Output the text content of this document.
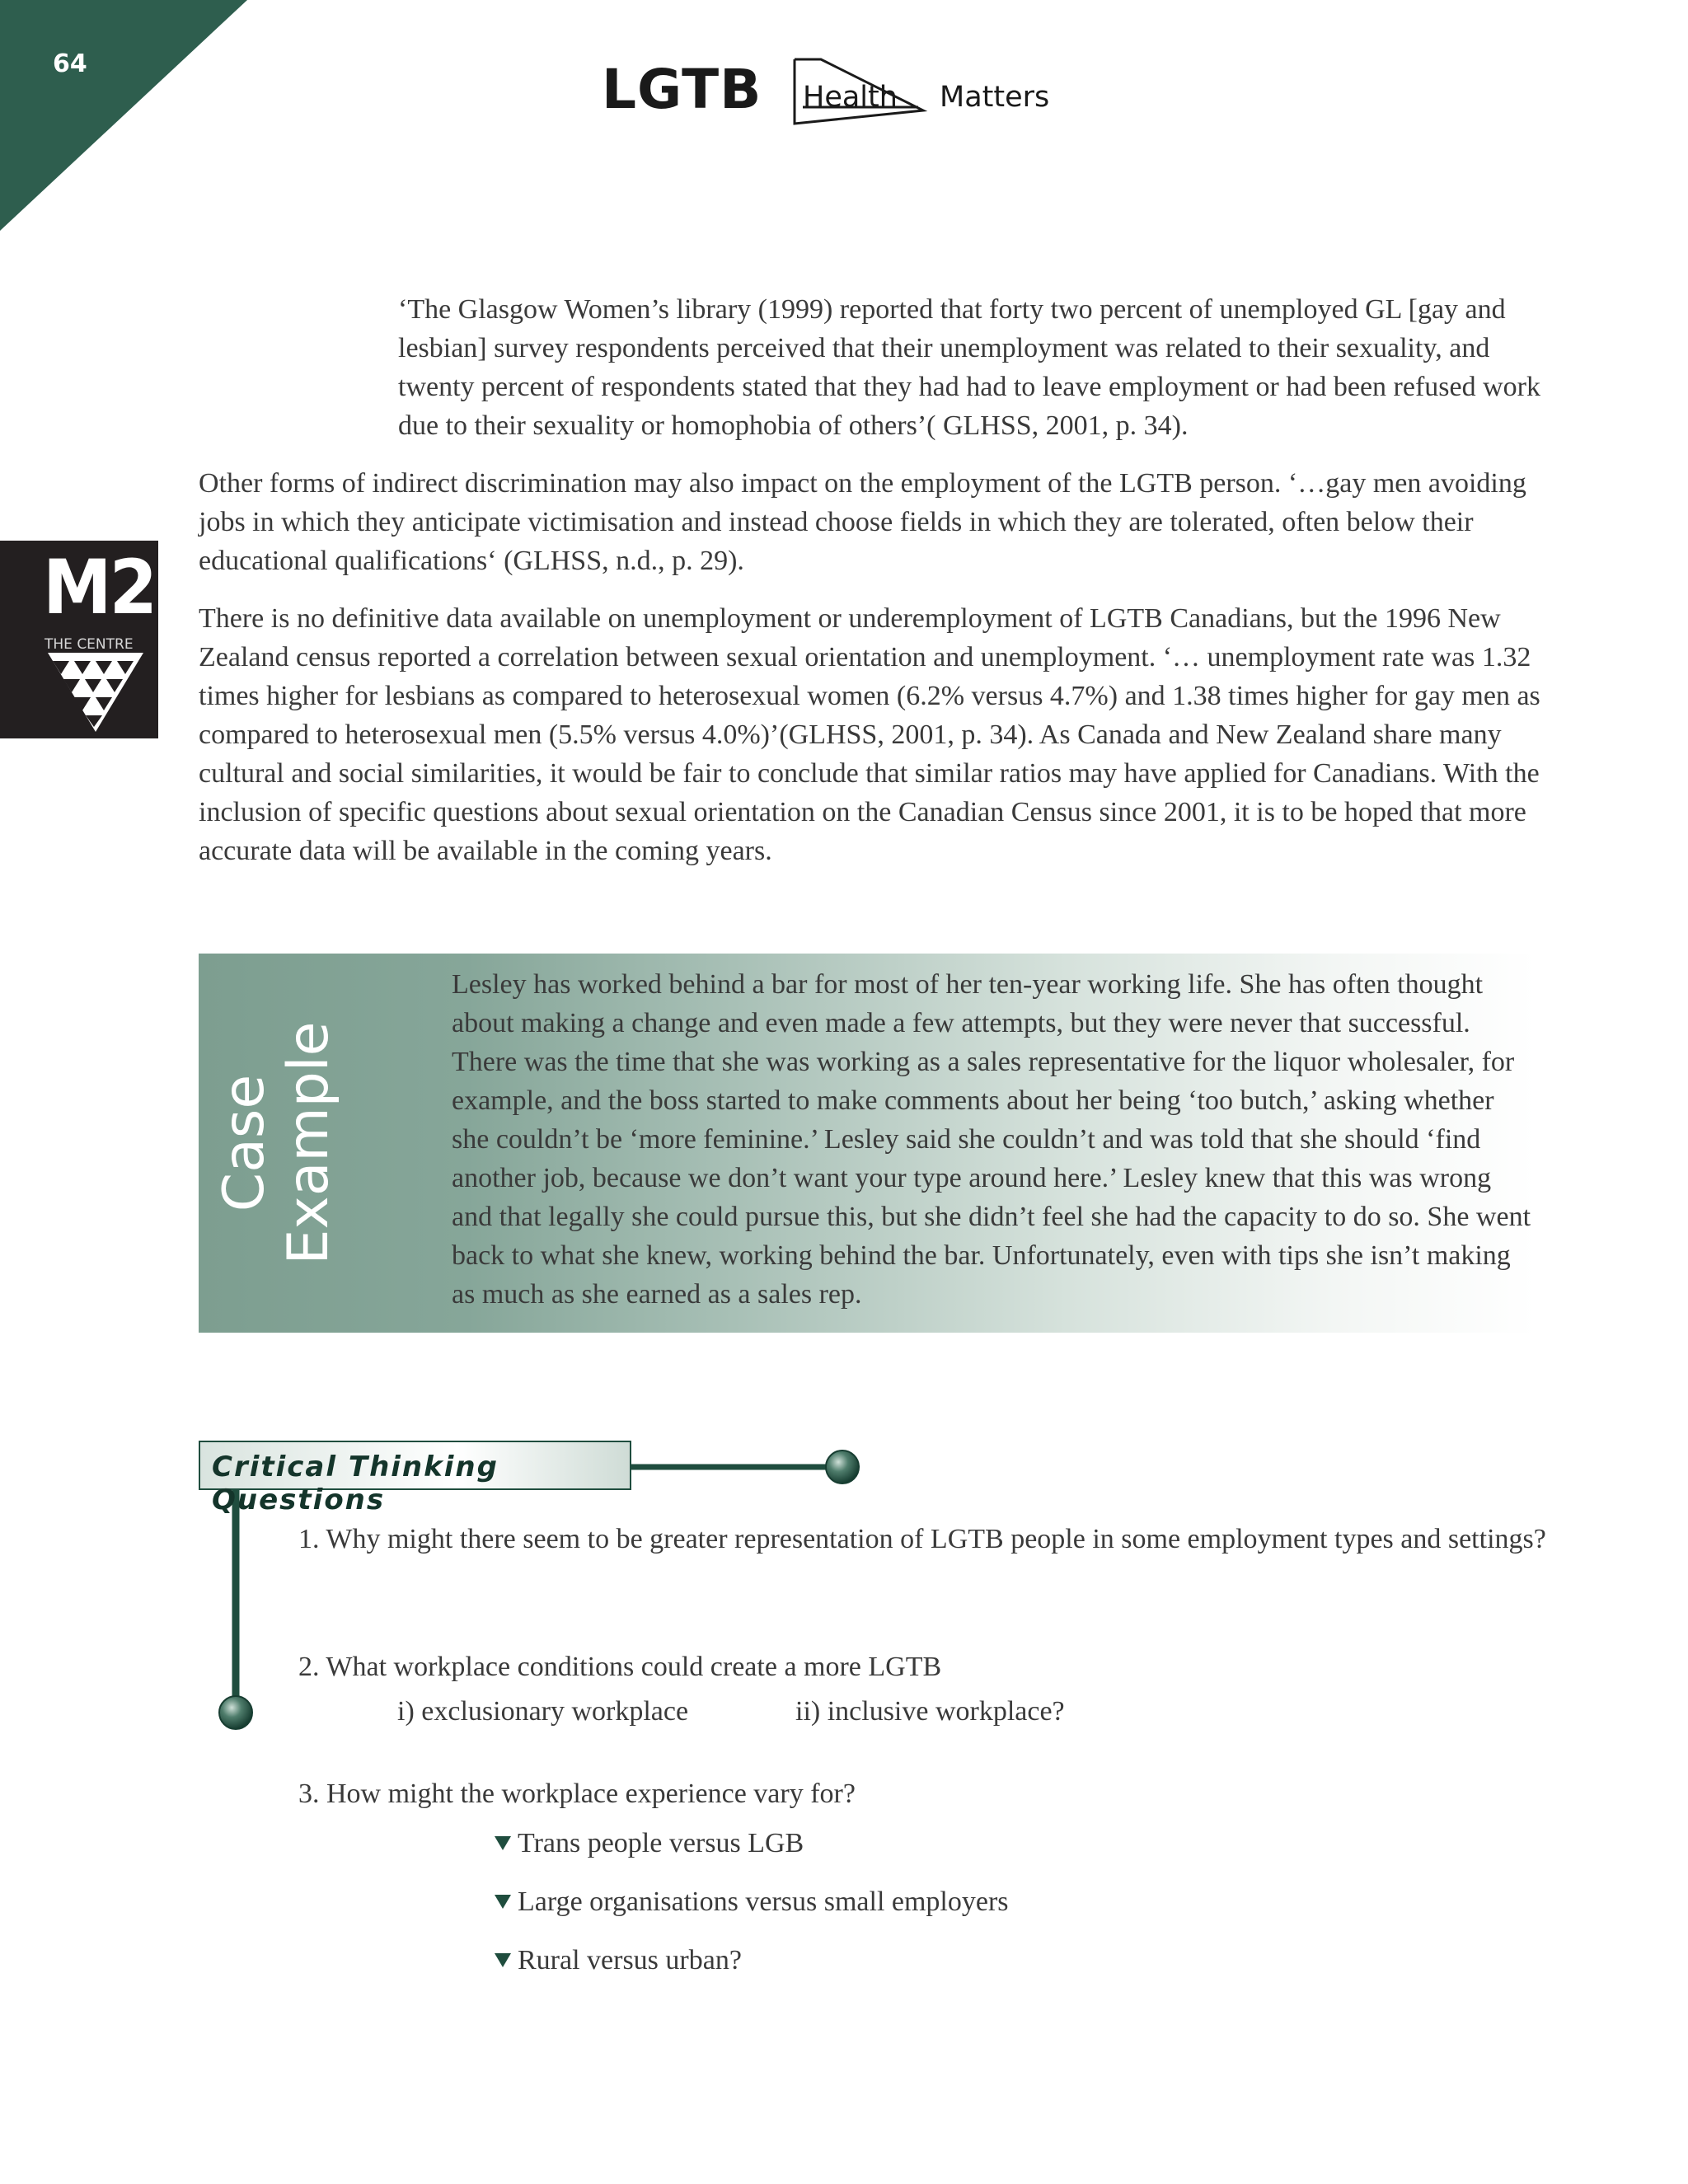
64	LGTB Health Matters
M2
THE CENTRE
‘The Glasgow Women’s library (1999) reported that forty two percent of unemployed GL [gay and lesbian] survey respondents perceived that their unemployment was related to their sexuality, and twenty percent of respondents stated that they had had to leave employment or had been refused work due to their sexuality or homophobia of others’( GLHSS, 2001, p. 34).
Other forms of indirect discrimination may also impact on the employment of the LGTB person. ‘…gay men avoiding jobs in which they anticipate victimisation and instead choose fields in which they are tolerated, often below their educational qualifications‘ (GLHSS, n.d., p. 29).
There is no definitive data available on unemployment or underemployment of LGTB Canadians, but the 1996 New Zealand census reported a correlation between sexual orientation and unemployment. ‘… unemployment rate was 1.32 times higher for lesbians as compared to heterosexual women (6.2% versus 4.7%) and 1.38 times higher for gay men as compared to heterosexual men (5.5% versus 4.0%)’(GLHSS, 2001, p. 34). As Canada and New Zealand share many cultural and social similarities, it would be fair to conclude that similar ratios may have applied for Canadians. With the inclusion of specific questions about sexual orientation on the Canadian Census since 2001, it is to be hoped that more accurate data will be available in the coming years.
Case Example
Lesley has worked behind a bar for most of her ten-year working life. She has often thought about making a change and even made a few attempts, but they were never that successful. There was the time that she was working as a sales representative for the liquor wholesaler, for example, and the boss started to make comments about her being ‘too butch,’ asking whether she couldn’t be ‘more feminine.’ Lesley said she couldn’t and was told that she should ‘find another job, because we don’t want your type around here.’ Lesley knew that this was wrong and that legally she could pursue this, but she didn’t feel she had the capacity to do so. She went back to what she knew, working behind the bar. Unfortunately, even with tips she isn’t making as much as she earned as a sales rep.
Critical Thinking Questions
1. Why might there seem to be greater representation of LGTB people in some employment types and settings?
2. What workplace conditions could create a more LGTB
i) exclusionary workplace	ii) inclusive workplace?
3. How might the workplace experience vary for?
Trans people versus LGB
Large organisations versus small employers
Rural versus urban?
